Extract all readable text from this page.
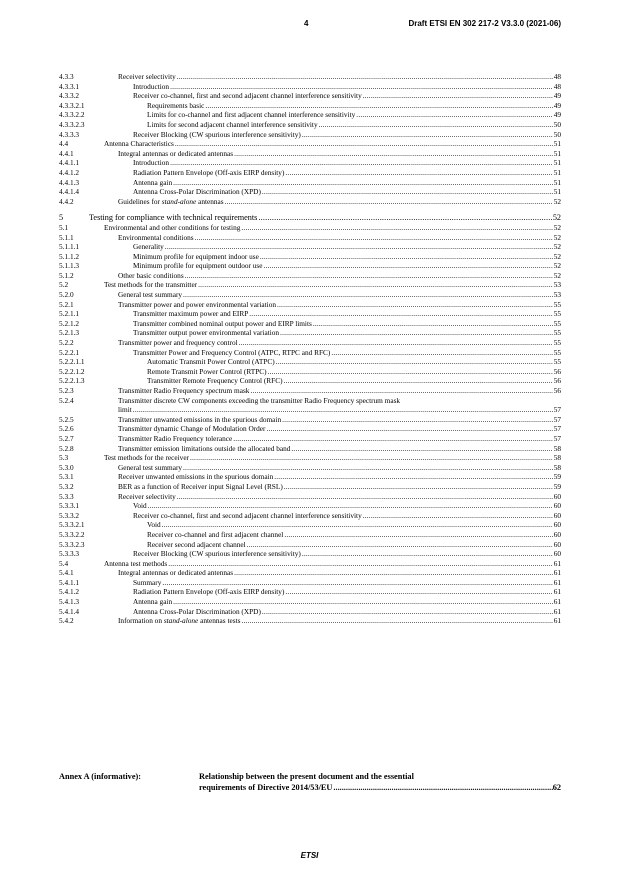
4	Draft ETSI EN 302 217-2 V3.3.0 (2021-06)
4.3.3	Receiver selectivity .....	48
4.3.3.1	Introduction .....	48
4.3.3.2	Receiver co-channel, first and second adjacent channel interference sensitivity .....	49
4.3.3.2.1	Requirements basic .....	49
4.3.3.2.2	Limits for co-channel and first adjacent channel interference sensitivity .....	49
4.3.3.2.3	Limits for second adjacent channel interference sensitivity .....	50
4.3.3.3	Receiver Blocking (CW spurious interference sensitivity) .....	50
4.4	Antenna Characteristics .....	51
4.4.1	Integral antennas or dedicated antennas .....	51
4.4.1.1	Introduction .....	51
4.4.1.2	Radiation Pattern Envelope (Off-axis EIRP density) .....	51
4.4.1.3	Antenna gain .....	51
4.4.1.4	Antenna Cross-Polar Discrimination (XPD) .....	51
4.4.2	Guidelines for stand-alone antennas .....	52
5	Testing for compliance with technical requirements .....	52
5.1	Environmental and other conditions for testing .....	52
5.1.1	Environmental conditions .....	52
5.1.1.1	Generality .....	52
5.1.1.2	Minimum profile for equipment indoor use .....	52
5.1.1.3	Minimum profile for equipment outdoor use .....	52
5.1.2	Other basic conditions .....	52
5.2	Test methods for the transmitter .....	53
5.2.0	General test summary .....	53
5.2.1	Transmitter power and power environmental variation .....	55
5.2.1.1	Transmitter maximum power and EIRP .....	55
5.2.1.2	Transmitter combined nominal output power and EIRP limits .....	55
5.2.1.3	Transmitter output power environmental variation .....	55
5.2.2	Transmitter power and frequency control .....	55
5.2.2.1	Transmitter Power and Frequency Control (ATPC, RTPC and RFC) .....	55
5.2.2.1.1	Automatic Transmit Power Control (ATPC) .....	55
5.2.2.1.2	Remote Transmit Power Control (RTPC) .....	56
5.2.2.1.3	Transmitter Remote Frequency Control (RFC) .....	56
5.2.3	Transmitter Radio Frequency spectrum mask .....	56
5.2.4	Transmitter discrete CW components exceeding the transmitter Radio Frequency spectrum mask
limit .....	57
5.2.5	Transmitter unwanted emissions in the spurious domain .....	57
5.2.6	Transmitter dynamic Change of Modulation Order .....	57
5.2.7	Transmitter Radio Frequency tolerance .....	57
5.2.8	Transmitter emission limitations outside the allocated band .....	58
5.3	Test methods for the receiver .....	58
5.3.0	General test summary .....	58
5.3.1	Receiver unwanted emissions in the spurious domain .....	59
5.3.2	BER as a function of Receiver input Signal Level (RSL) .....	59
5.3.3	Receiver selectivity .....	60
5.3.3.1	Void .....	60
5.3.3.2	Receiver co-channel, first and second adjacent channel interference sensitivity .....	60
5.3.3.2.1	Void .....	60
5.3.3.2.2	Receiver co-channel and first adjacent channel .....	60
5.3.3.2.3	Receiver second adjacent channel .....	60
5.3.3.3	Receiver Blocking (CW spurious interference sensitivity) .....	60
5.4	Antenna test methods .....	61
5.4.1	Integral antennas or dedicated antennas .....	61
5.4.1.1	Summary .....	61
5.4.1.2	Radiation Pattern Envelope (Off-axis EIRP density) .....	61
5.4.1.3	Antenna gain .....	61
5.4.1.4	Antenna Cross-Polar Discrimination (XPD) .....	61
5.4.2	Information on stand-alone antennas tests .....	61
Annex A (informative):	Relationship between the present document and the essential
requirements of Directive 2014/53/EU .....	62
ETSI
